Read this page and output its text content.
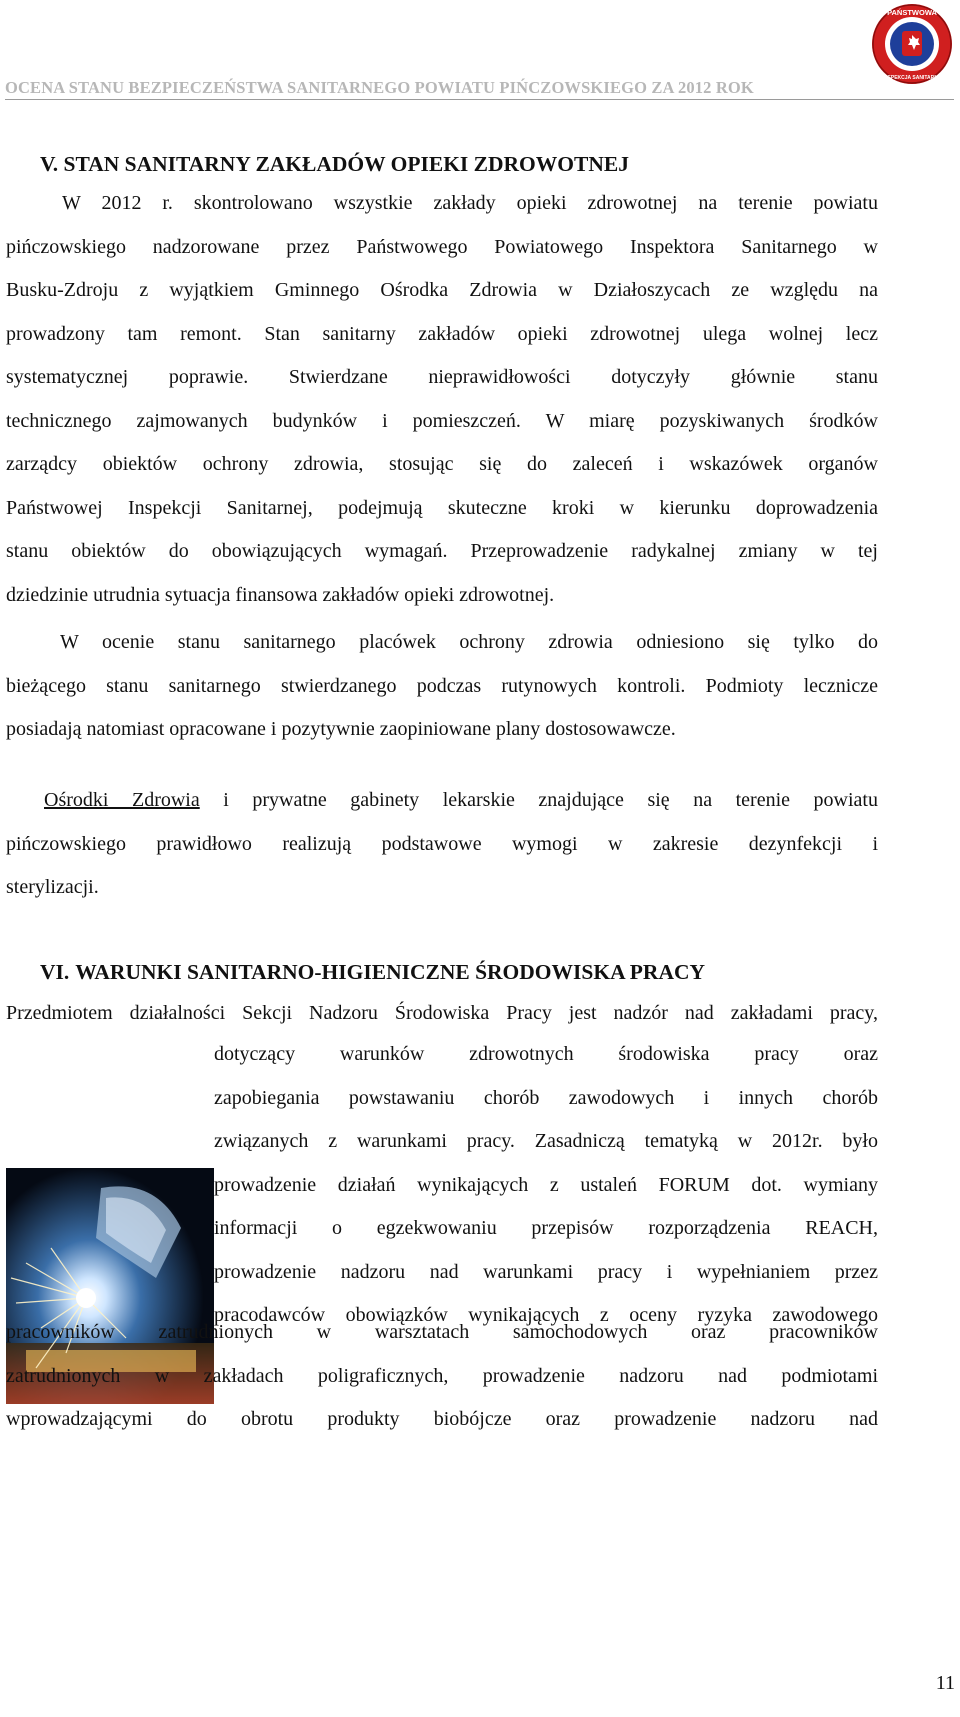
OCENA STANU BEZPIECZEŃSTWA SANITARNEGO POWIATU PIŃCZOWSKIEGO ZA 2012 ROK
PAŃSTWOWA
INSPEKCJA SANITARNA
V. STAN SANITARNY ZAKŁADÓW OPIEKI ZDROWOTNEJ
W 2012 r. skontrolowano wszystkie zakłady opieki zdrowotnej na terenie powiatu
pińczowskiego nadzorowane przez Państwowego Powiatowego Inspektora Sanitarnego w
Busku-Zdroju z wyjątkiem Gminnego Ośrodka Zdrowia w Działoszycach ze względu na
prowadzony tam remont. Stan sanitarny zakładów opieki zdrowotnej ulega wolnej lecz
systematycznej poprawie. Stwierdzane nieprawidłowości dotyczyły głównie stanu
technicznego zajmowanych budynków i pomieszczeń. W miarę pozyskiwanych środków
zarządcy obiektów ochrony zdrowia, stosując się do zaleceń i wskazówek organów
Państwowej Inspekcji Sanitarnej, podejmują skuteczne kroki w kierunku doprowadzenia
stanu obiektów do obowiązujących wymagań. Przeprowadzenie radykalnej zmiany w tej
dziedzinie utrudnia sytuacja finansowa zakładów opieki zdrowotnej.
W ocenie stanu sanitarnego placówek ochrony zdrowia odniesiono się tylko do
bieżącego stanu sanitarnego stwierdzanego podczas rutynowych kontroli. Podmioty lecznicze
posiadają natomiast opracowane i pozytywnie zaopiniowane plany dostosowawcze.
Ośrodki Zdrowia i prywatne gabinety lekarskie znajdujące się na terenie powiatu
pińczowskiego prawidłowo realizują podstawowe wymogi w zakresie dezynfekcji i
sterylizacji.
VI. WARUNKI SANITARNO-HIGIENICZNE ŚRODOWISKA PRACY
Przedmiotem działalności Sekcji Nadzoru Środowiska Pracy jest nadzór nad zakładami pracy,
dotyczący warunków zdrowotnych środowiska pracy oraz
zapobiegania powstawaniu chorób zawodowych i innych chorób
związanych z warunkami pracy. Zasadniczą tematyką w 2012r. było
prowadzenie działań wynikających z ustaleń FORUM dot. wymiany
informacji o egzekwowaniu przepisów rozporządzenia REACH,
prowadzenie nadzoru nad warunkami pracy i wypełnianiem przez
pracodawców obowiązków wynikających z oceny ryzyka zawodowego
pracowników zatrudnionych w warsztatach samochodowych oraz pracowników
zatrudnionych w zakładach poligraficznych, prowadzenie nadzoru nad podmiotami
wprowadzającymi do obrotu produkty biobójcze oraz prowadzenie nadzoru nad
11
